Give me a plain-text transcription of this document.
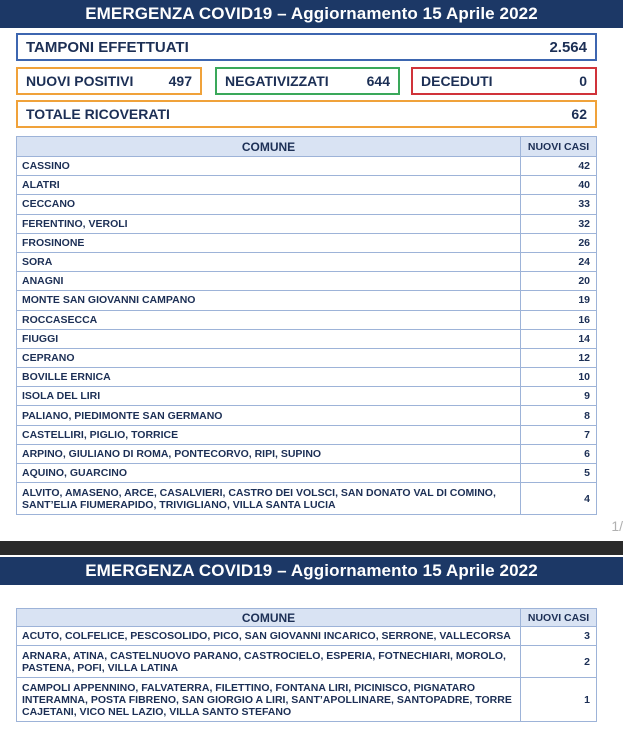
EMERGENZA COVID19 – Aggiornamento 15 Aprile 2022
TAMPONI EFFETTUATI	2.564
NUOVI POSITIVI	497 NEGATIVIZZATI	644 DECEDUTI	0
TOTALE RICOVERATI	62
COMUNE	NUOVI CASI
CASSINO	42
ALATRI	40
CECCANO	33
FERENTINO, VEROLI	32
FROSINONE	26
SORA	24
ANAGNI	20
MONTE SAN GIOVANNI CAMPANO	19
ROCCASECCA	16
FIUGGI	14
CEPRANO	12
BOVILLE ERNICA	10
ISOLA DEL LIRI	9
PALIANO, PIEDIMONTE SAN GERMANO	8
CASTELLIRI, PIGLIO, TORRICE	7
ARPINO, GIULIANO DI ROMA, PONTECORVO, RIPI, SUPINO	6
AQUINO, GUARCINO	5
ALVITO, AMASENO, ARCE, CASALVIERI, CASTRO DEI VOLSCI, SAN DONATO VAL DI COMINO, SANT’ELIA FIUMERAPIDO, TRIVIGLIANO, VILLA SANTA LUCIA	4
1/
EMERGENZA COVID19 – Aggiornamento 15 Aprile 2022
COMUNE	NUOVI CASI
ACUTO, COLFELICE, PESCOSOLIDO, PICO, SAN GIOVANNI INCARICO, SERRONE, VALLECORSA	3
ARNARA, ATINA, CASTELNUOVO PARANO, CASTROCIELO, ESPERIA, FOTNECHIARI, MOROLO, PASTENA, POFI, VILLA LATINA	2
CAMPOLI APPENNINO, FALVATERRA, FILETTINO, FONTANA LIRI, PICINISCO, PIGNATARO INTERAMNA, POSTA FIBRENO, SAN GIORGIO A LIRI, SANT’APOLLINARE, SANTOPADRE, TORRE CAJETANI, VICO NEL LAZIO, VILLA SANTO STEFANO	1
